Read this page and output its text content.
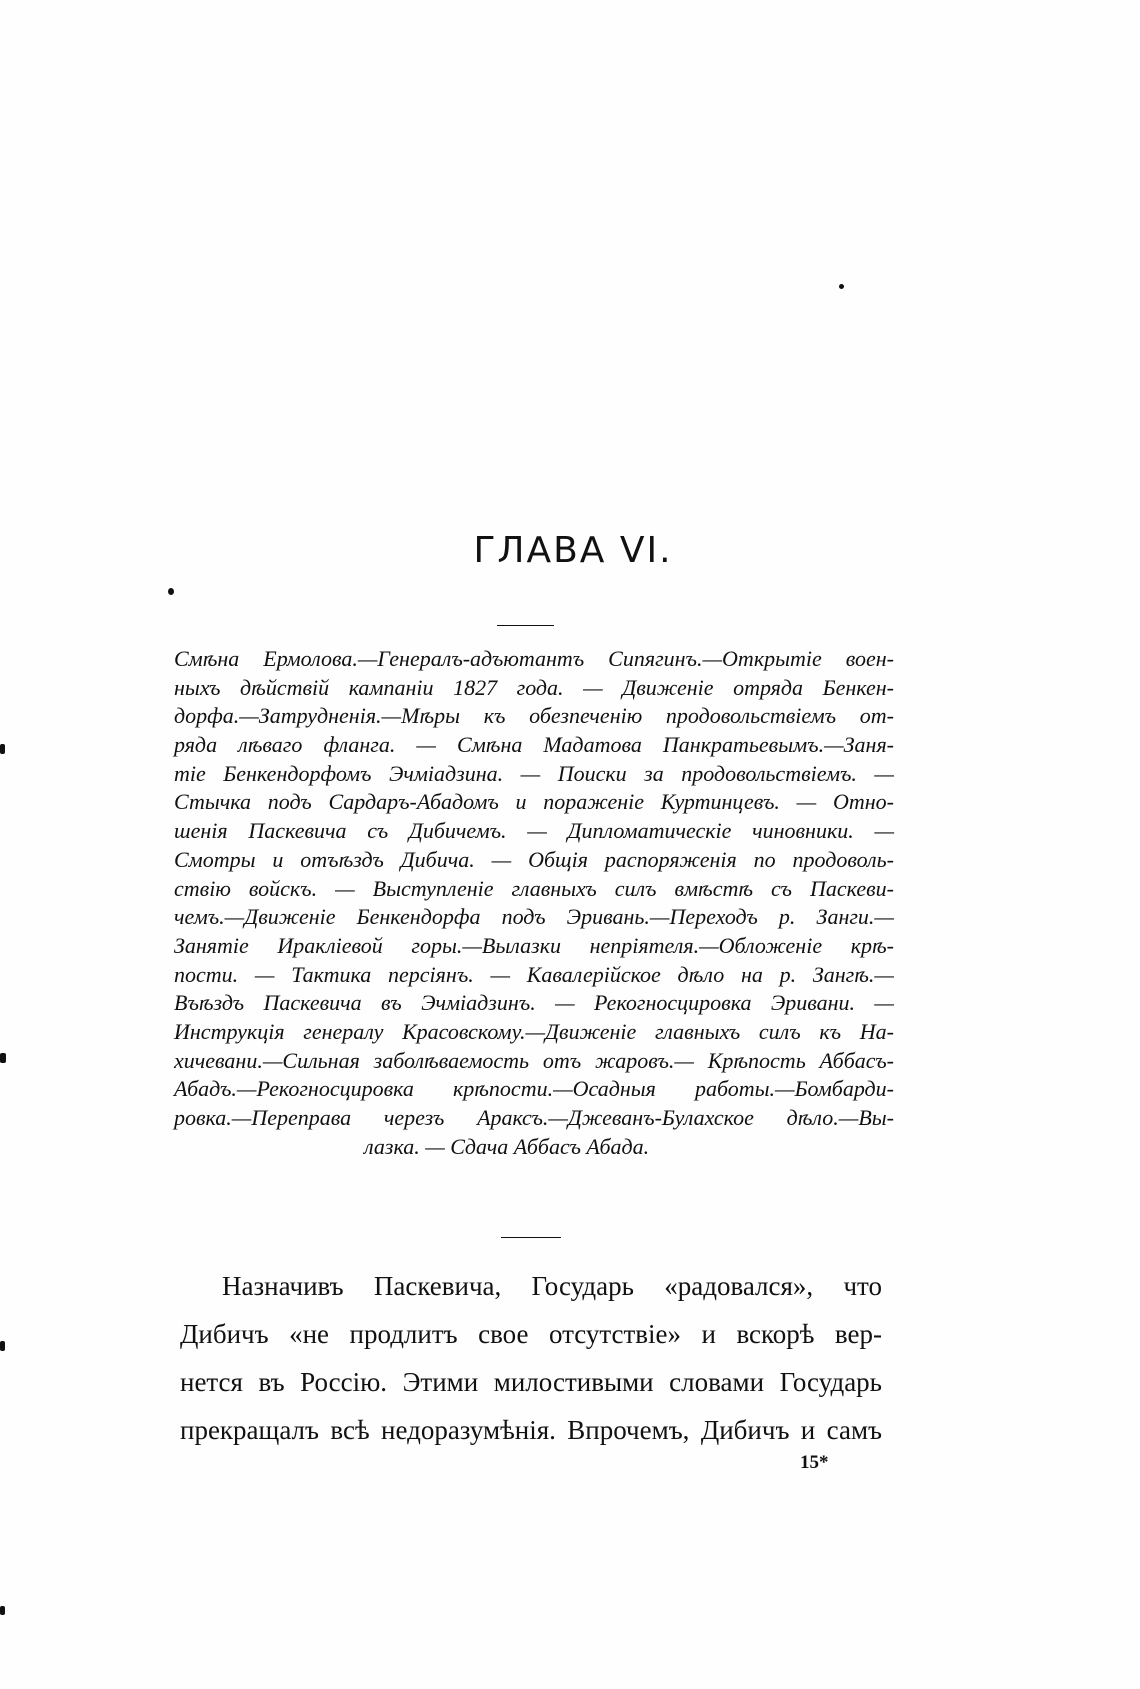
ГЛАВА VI.
Смѣна Ермолова.—Генералъ-адъютантъ Сипягинъ.—Открытіе воен-
ныхъ дѣйствій кампаніи 1827 года. — Движеніе отряда Бенкен-
дорфа.—Затрудненія.—Мѣры къ обезпеченію продовольствіемъ от-
ряда лѣваго фланга. — Смѣна Мадатова Панкратьевымъ.—Заня-
тіе Бенкендорфомъ Эчміадзина. — Поиски за продовольствіемъ. —
Стычка подъ Сардаръ-Абадомъ и пораженіе Куртинцевъ. — Отно-
шенія Паскевича съ Дибичемъ. — Дипломатическіе чиновники. —
Смотры и отъѣздъ Дибича. — Общія распоряженія по продоволь-
ствію войскъ. — Выступленіе главныхъ силъ вмѣстѣ съ Паскеви-
чемъ.—Движеніе Бенкендорфа подъ Эривань.—Переходъ р. Занги.—
Занятіе Ираклiевой горы.—Вылазки непріятеля.—Обложеніе крѣ-
пости. — Тактика персіянъ. — Кавалерійское дѣло на р. Зангѣ.—
Въѣздъ Паскевича въ Эчміадзинъ. — Рекогносцировка Эривани. —
Инструкція генералу Красовскому.—Движеніе главныхъ силъ къ На-
хичевани.—Сильная заболѣваемость отъ жаровъ.— Крѣпость Аббасъ-
Абадъ.—Рекогносцировка крѣпости.—Осадныя работы.—Бомбарди-
ровка.—Переправа черезъ Араксъ.—Джеванъ-Булахское дѣло.—Вы-
лазка. — Сдача Аббасъ Абада.
Назначивъ Паскевича, Государь «радовался», что
Дибичъ «не продлитъ свое отсутствіе» и вскорѣ вер-
нется въ Россію. Этими милостивыми словами Государь
прекращалъ всѣ недоразумѣнія. Впрочемъ, Дибичъ и самъ
15*
